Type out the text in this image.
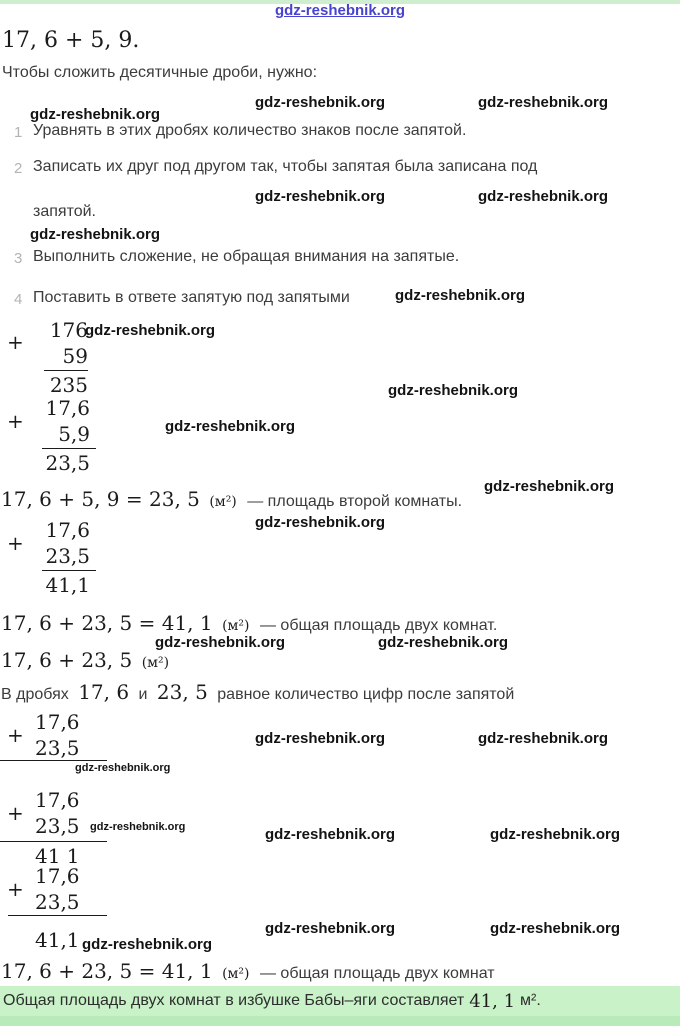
gdz-reshebnik.org
17, 6 + 5, 9.
Чтобы сложить десятичные дроби, нужно:
gdz-reshebnik.org	gdz-reshebnik.org
gdz-reshebnik.org
1 Уравнять в этих дробях количество знаков после запятой.
2 Записать их друг под другом так, чтобы запятая была записана под
gdz-reshebnik.org	gdz-reshebnik.org
запятой.
gdz-reshebnik.org
3 Выполнить сложение, не обращая внимания на запятые.
4 Поставить в ответе запятую под запятыми	gdz-reshebnik.org
+ 176
gdz-reshebnik.org
59
235	gdz-reshebnik.org
+
17,6
5,9	gdz-reshebnik.org
23,5
gdz-reshebnik.org
17, 6 + 5, 9 = 23, 5 (м²) — площадь второй комнаты.
gdz-reshebnik.org
+
17,6
23,5
41,1
17, 6 + 23, 5 = 41, 1 (м²) — общая площадь двух комнат.
gdz-reshebnik.org	gdz-reshebnik.org
17, 6 + 23, 5 (м²)
В дробях 17, 6 и 23, 5 равное количество цифр после запятой
+
17,6
23,5	gdz-reshebnik.org	gdz-reshebnik.org
gdz-reshebnik.org
+
17,6
23,5 gdz-reshebnik.org	gdz-reshebnik.org	gdz-reshebnik.org
41 1
+
17,6
23,5
gdz-reshebnik.org	gdz-reshebnik.org
41,1 gdz-reshebnik.org
17, 6 + 23, 5 = 41, 1 (м²) — общая площадь двух комнат
Общая площадь двух комнат в избушке Бабы–яги составляет 41, 1 м².
